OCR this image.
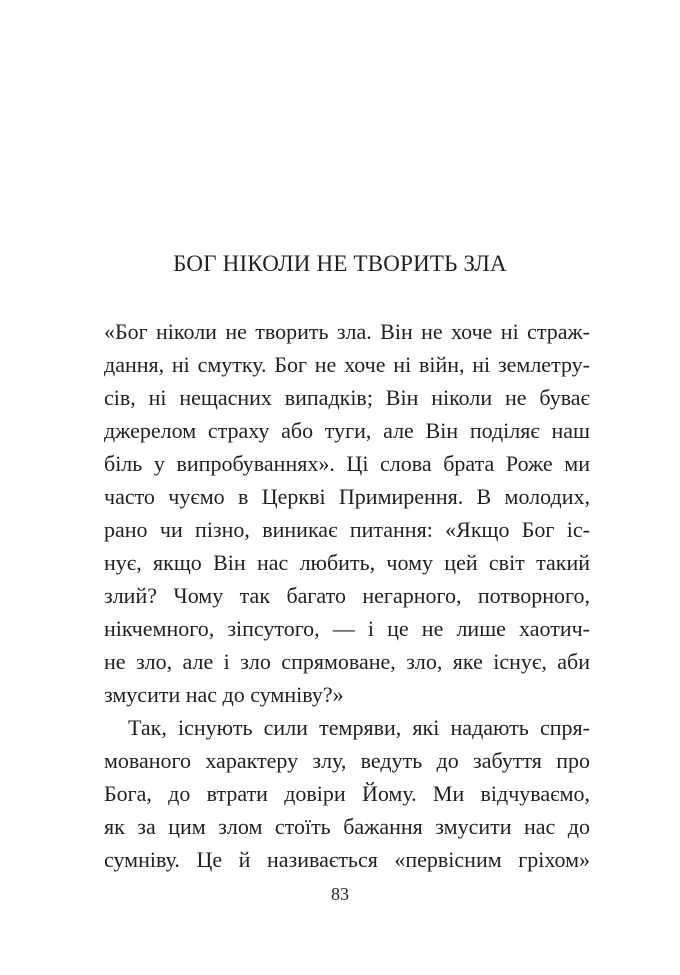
БОГ НІКОЛИ НЕ ТВОРИТЬ ЗЛА
«Бог ніколи не творить зла. Він не хоче ні страж-
дання, ні смутку. Бог не хоче ні війн, ні землетру-
сів, ні нещасних випадків; Він ніколи не буває
джерелом страху або туги, але Він поділяє наш
біль у випробуваннях». Ці слова брата Роже ми
часто чуємо в Церкві Примирення. В молодих,
рано чи пізно, виникає питання: «Якщо Бог іс-
нує, якщо Він нас любить, чому цей світ такий
злий? Чому так багато негарного, потворного,
нікчемного, зіпсутого, — і це не лише хаотич-
не зло, але і зло спрямоване, зло, яке існує, аби
змусити нас до сумніву?»
Так, існують сили темряви, які надають спря-
мованого характеру злу, ведуть до забуття про
Бога, до втрати довіри Йому. Ми відчуваємо,
як за цим злом стоїть бажання змусити нас до
сумніву. Це й називається «первісним гріхом»
83
